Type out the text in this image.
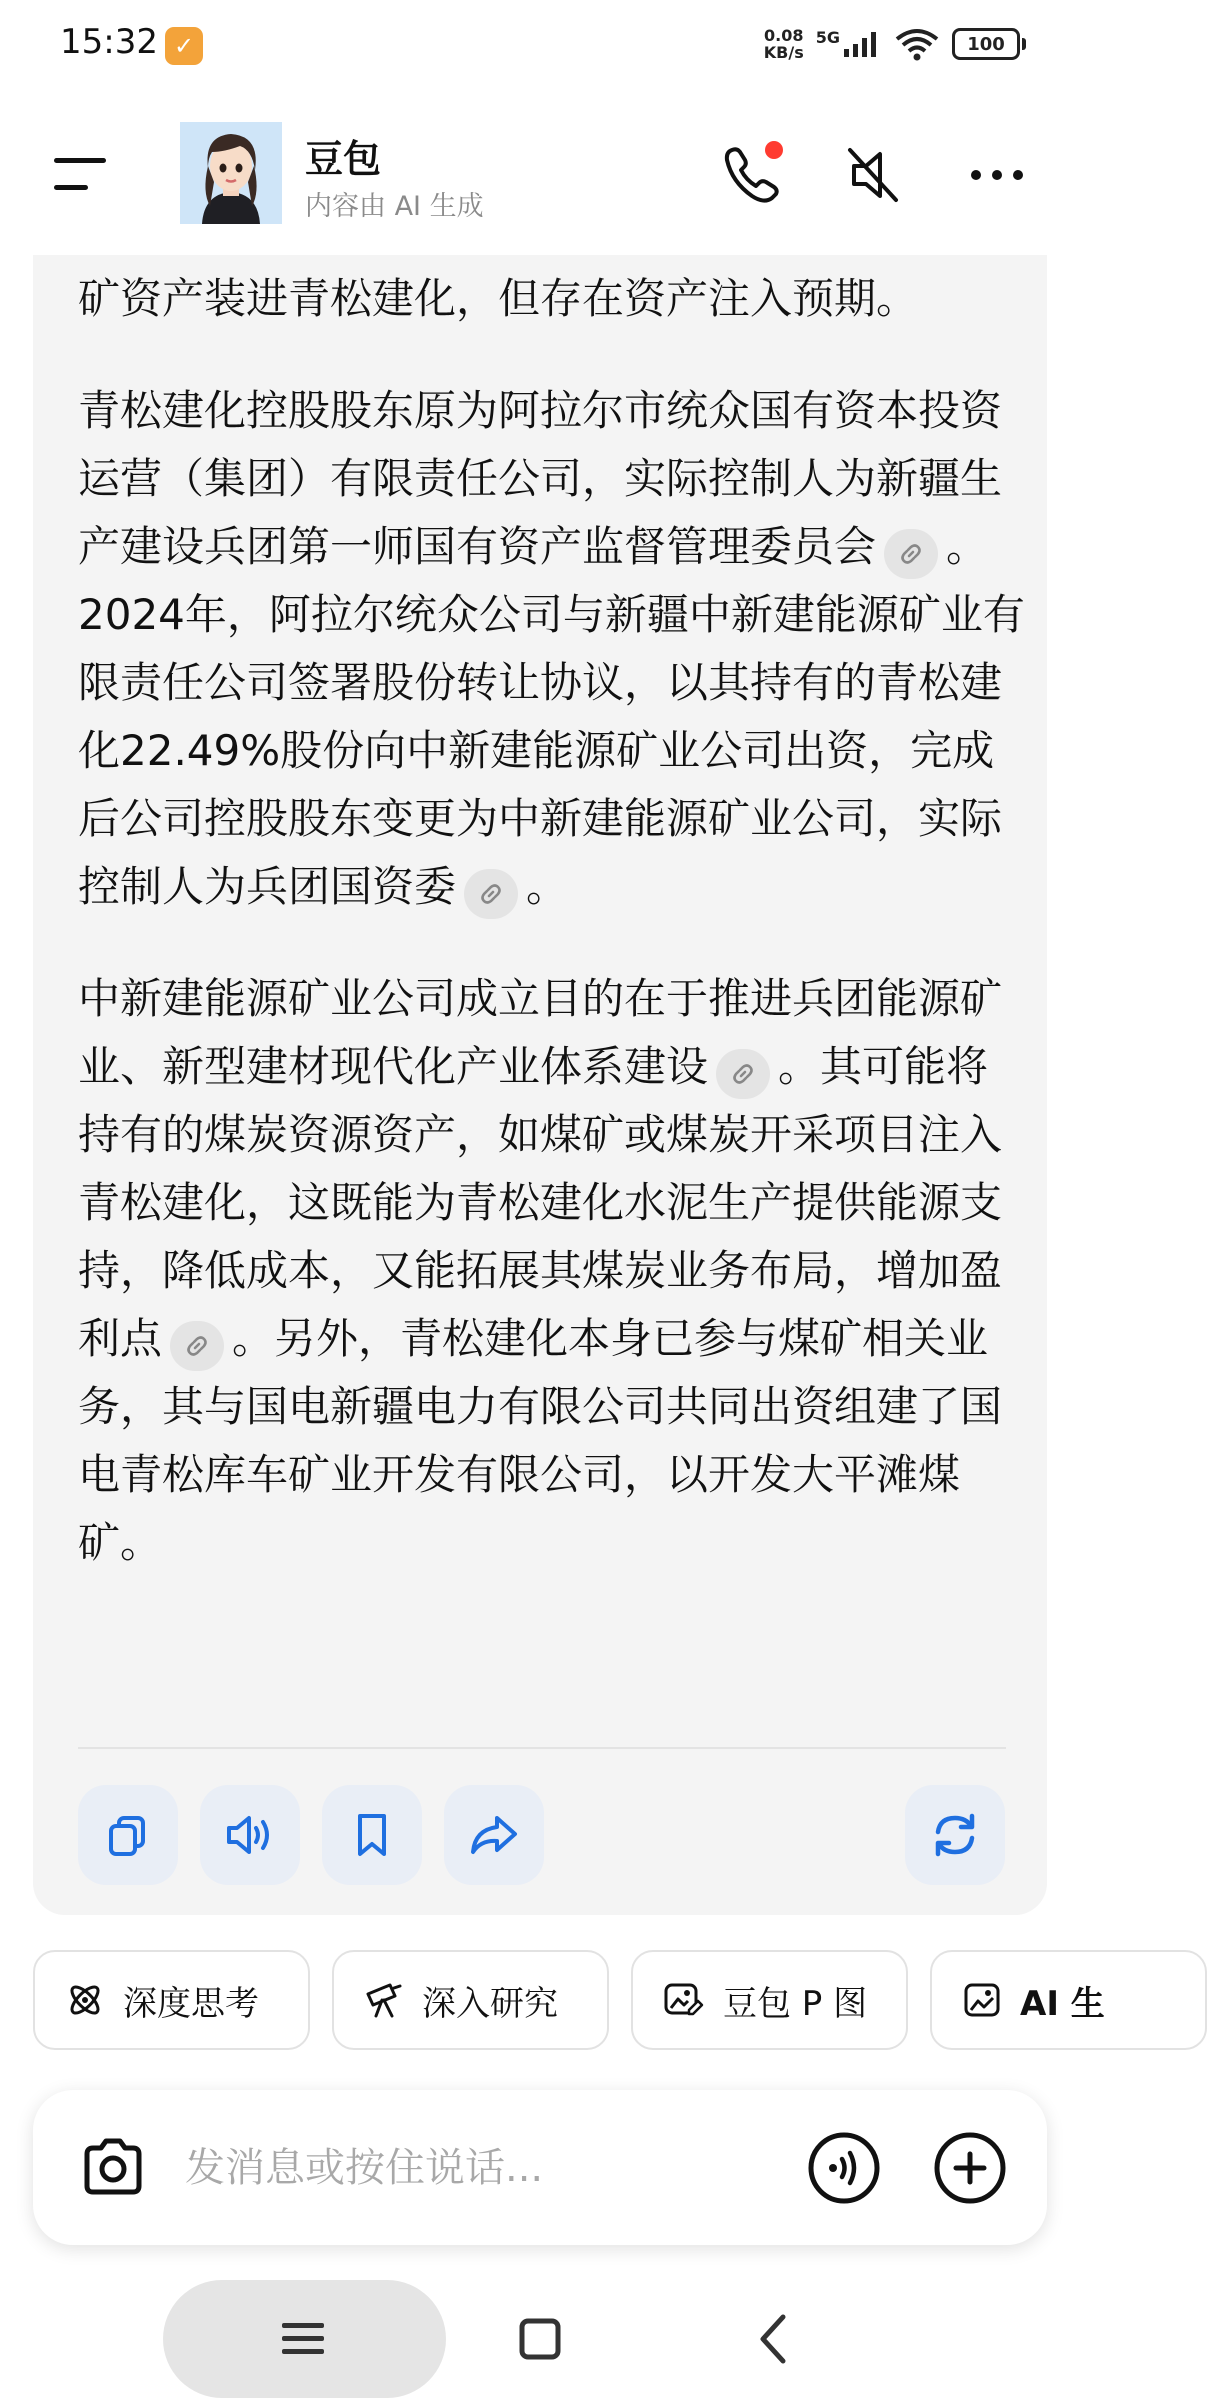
15:32 ✓	0.08
KB/s
5G	100
豆包
内容由 AI 生成

矿资产装进青松建化，但存在资产注入预期。

青松建化控股股东原为阿拉尔市统众国有资本投资运营（集团）有限责任公司，实际控制人为新疆生产建设兵团第一师国有资产监督管理委员会 。2024年，阿拉尔统众公司与新疆中新建能源矿业有限责任公司签署股份转让协议，以其持有的青松建化22.49%股份向中新建能源矿业公司出资，完成后公司控股股东变更为中新建能源矿业公司，实际控制人为兵团国资委 。

中新建能源矿业公司成立目的在于推进兵团能源矿业、新型建材现代化产业体系建设 。其可能将持有的煤炭资源资产，如煤矿或煤炭开采项目注入青松建化，这既能为青松建化水泥生产提供能源支持，降低成本，又能拓展其煤炭业务布局，增加盈利点 。另外，青松建化本身已参与煤矿相关业务，其与国电新疆电力有限公司共同出资组建了国电青松库车矿业开发有限公司，以开发大平滩煤矿。

深度思考	深入研究	豆包 P 图	AI 生
发消息或按住说话...
